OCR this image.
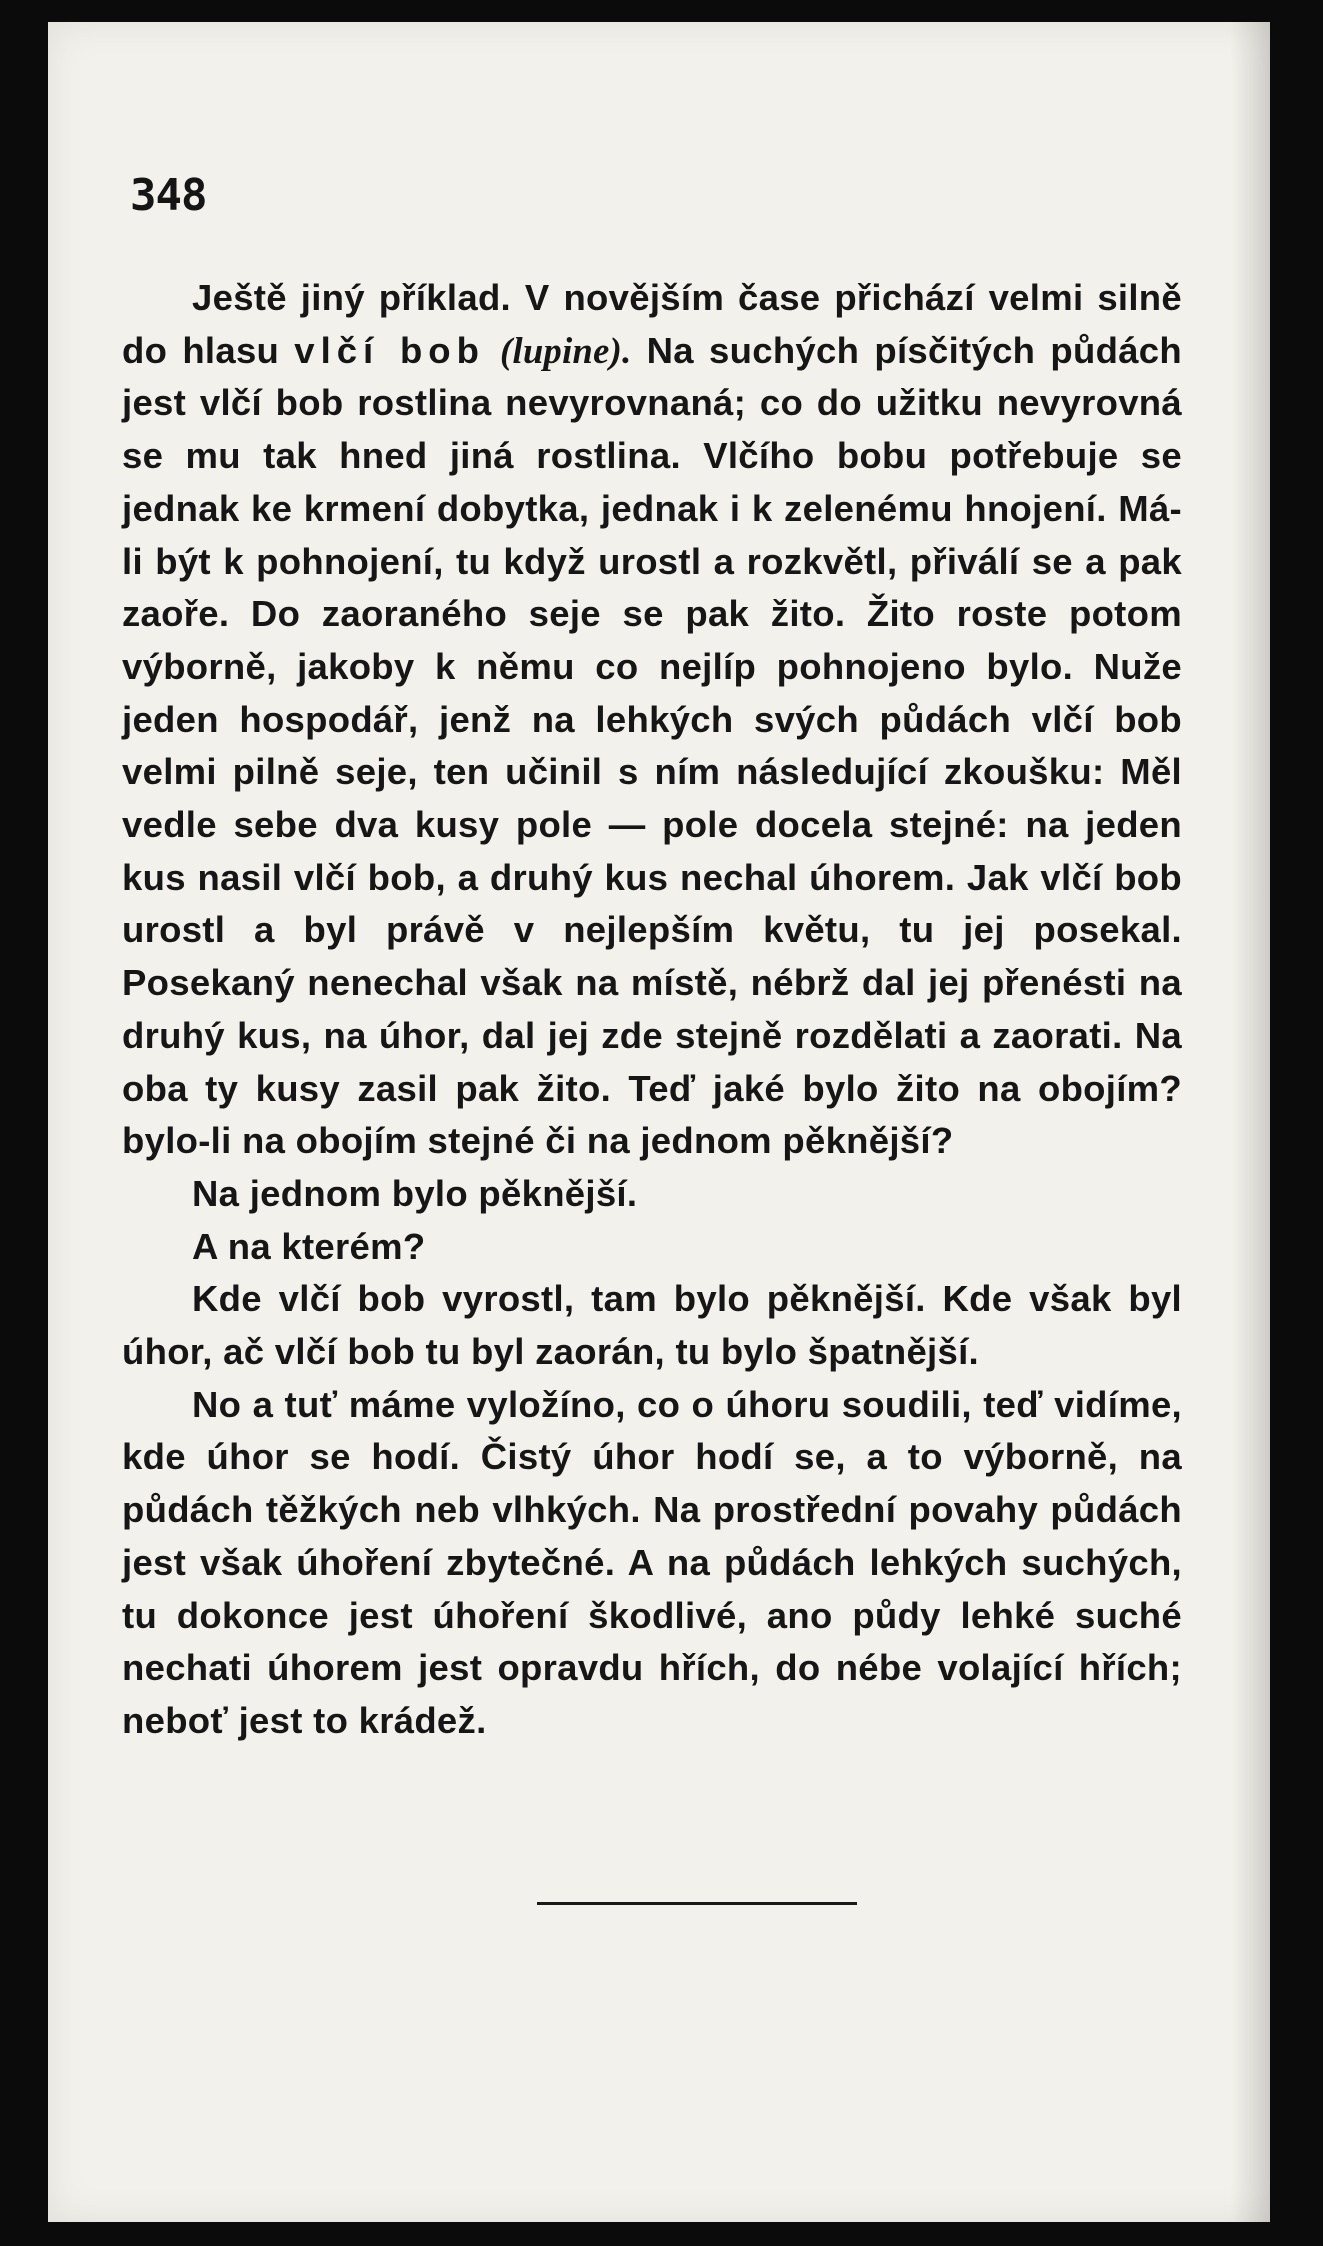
348

Ještě jiný příklad. V novějším čase přichází velmi silně do hlasu vlčí bob (lupine). Na suchých písčitých půdách jest vlčí bob rostlina nevyrovnaná; co do užitku nevyrovná se mu tak hned jiná rostlina. Vlčího bobu potřebuje se jednak ke krmení dobytka, jednak i k zelenému hnojení. Má-li být k pohnojení, tu když urostl a rozkvětl, přiválí se a pak zaoře. Do zaoraného seje se pak žito. Žito roste potom výborně, jakoby k němu co nejlíp pohnojeno bylo. Nuže jeden hospodář, jenž na lehkých svých půdách vlčí bob velmi pilně seje, ten učinil s ním následující zkoušku: Měl vedle sebe dva kusy pole — pole docela stejné: na jeden kus nasil vlčí bob, a druhý kus nechal úhorem. Jak vlčí bob urostl a byl právě v nejlepším květu, tu jej posekal. Posekaný nenechal však na místě, nébrž dal jej přenésti na druhý kus, na úhor, dal jej zde stejně rozdělati a zaorati. Na oba ty kusy zasil pak žito. Teď jaké bylo žito na obojím? bylo-li na obojím stejné či na jednom pěknější?

Na jednom bylo pěknější.

A na kterém?

Kde vlčí bob vyrostl, tam bylo pěknější. Kde však byl úhor, ač vlčí bob tu byl zaorán, tu bylo špatnější.

No a tuť máme vyložíno, co o úhoru soudili, teď vidíme, kde úhor se hodí. Čistý úhor hodí se, a to výborně, na půdách těžkých neb vlhkých. Na prostřední povahy půdách jest však úhoření zbytečné. A na půdách lehkých suchých, tu dokonce jest úhoření škodlivé, ano půdy lehké suché nechati úhorem jest opravdu hřích, do nébe volající hřích; neboť jest to krádež.
